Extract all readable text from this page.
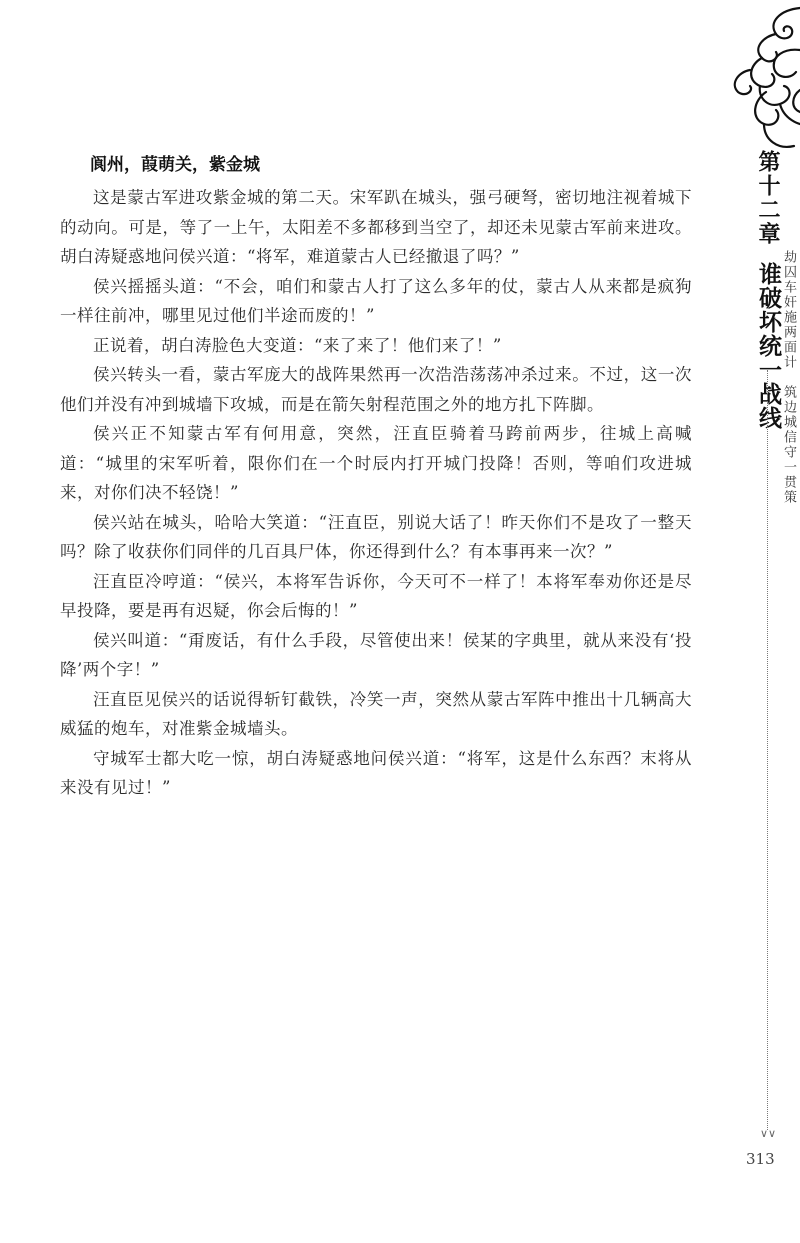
阆州，葭萌关，紫金城

这是蒙古军进攻紫金城的第二天。宋军趴在城头，强弓硬弩，密切地注视着城下的动向。可是，等了一上午，太阳差不多都移到当空了，却还未见蒙古军前来进攻。胡白涛疑惑地问侯兴道：“将军，难道蒙古人已经撤退了吗？”

侯兴摇摇头道：“不会，咱们和蒙古人打了这么多年的仗，蒙古人从来都是疯狗一样往前冲，哪里见过他们半途而废的！”

正说着，胡白涛脸色大变道：“来了来了！他们来了！”

侯兴转头一看，蒙古军庞大的战阵果然再一次浩浩荡荡冲杀过来。不过，这一次他们并没有冲到城墙下攻城，而是在箭矢射程范围之外的地方扎下阵脚。

侯兴正不知蒙古军有何用意，突然，汪直臣骑着马跨前两步，往城上高喊道：“城里的宋军听着，限你们在一个时辰内打开城门投降！否则，等咱们攻进城来，对你们决不轻饶！”

侯兴站在城头，哈哈大笑道：“汪直臣，别说大话了！昨天你们不是攻了一整天吗？除了收获你们同伴的几百具尸体，你还得到什么？有本事再来一次？”

汪直臣冷哼道：“侯兴，本将军告诉你，今天可不一样了！本将军奉劝你还是尽早投降，要是再有迟疑，你会后悔的！”

侯兴叫道：“甭废话，有什么手段，尽管使出来！侯某的字典里，就从来没有‘投降’两个字！”

汪直臣见侯兴的话说得斩钉截铁，冷笑一声，突然从蒙古军阵中推出十几辆高大威猛的炮车，对准紫金城墙头。

守城军士都大吃一惊，胡白涛疑惑地问侯兴道：“将军，这是什么东西？末将从来没有见过！”

第十二章
谁破坏统一战线 劫囚车奸施两面计
筑边城信守一贯策
∨∨
313
